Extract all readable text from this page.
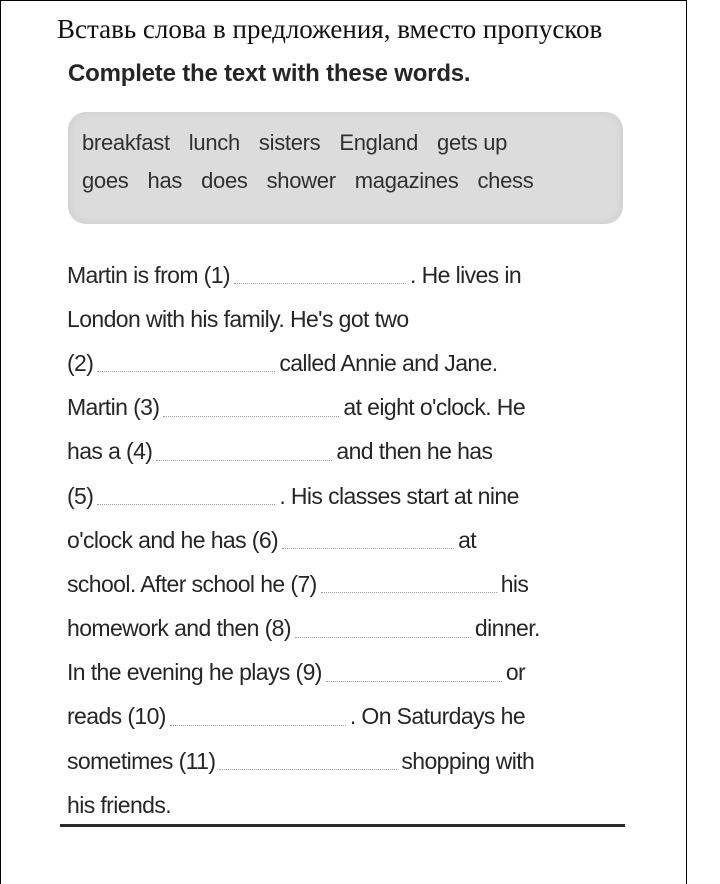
Вставь слова в предложения, вместо пропусков
Complete the text with these words.
breakfast lunch sisters England gets up
goes has does shower magazines chess
Martin is from (1)	. He lives in
London with his family. He's got two
(2)	called Annie and Jane.
Martin (3)	at eight o'clock. He
has a (4)	and then he has
(5)	. His classes start at nine
o'clock and he has (6)	at
school. After school he (7)	his
homework and then (8)	dinner.
In the evening he plays (9)	or
reads (10)	. On Saturdays he
sometimes (11)	shopping with
his friends.
